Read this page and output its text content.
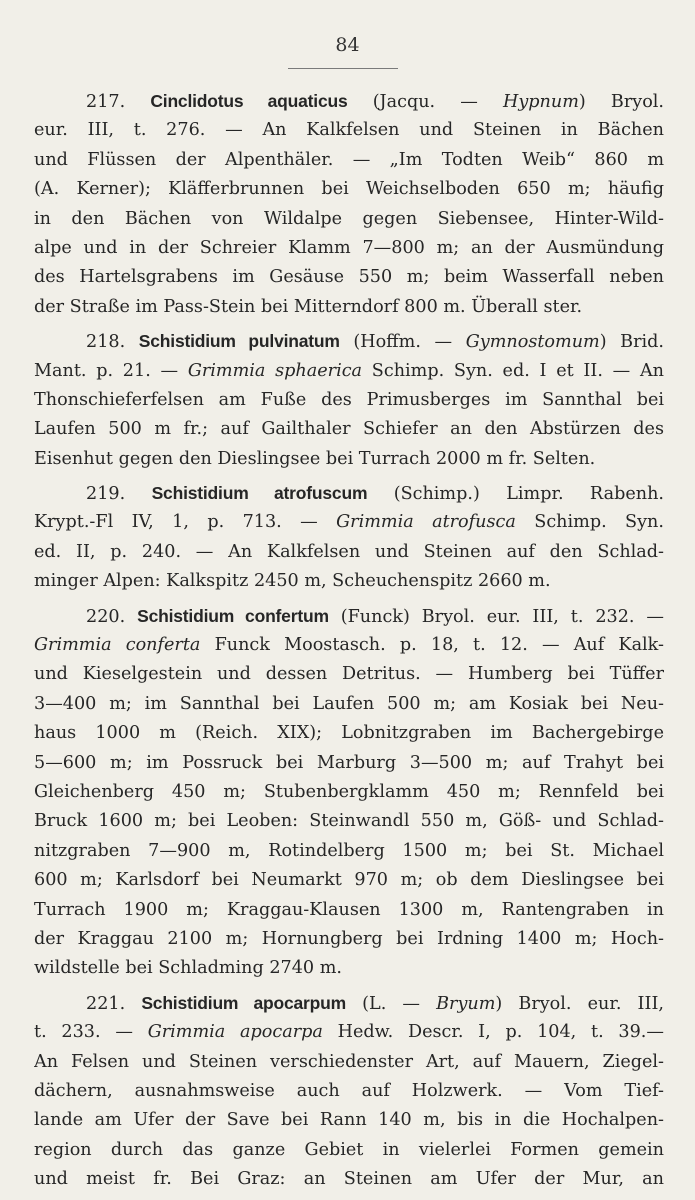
84
217. Cinclidotus aquaticus (Jacqu. — Hypnum) Bryol.
eur. III, t. 276. — An Kalkfelsen und Steinen in Bächen
und Flüssen der Alpenthäler. — „Im Todten Weib“ 860 m
(A. Kerner); Kläfferbrunnen bei Weichselboden 650 m; häufig
in den Bächen von Wildalpe gegen Siebensee, Hinter-Wild-
alpe und in der Schreier Klamm 7—800 m; an der Ausmündung
des Hartelsgrabens im Gesäuse 550 m; beim Wasserfall neben
der Straße im Pass-Stein bei Mitterndorf 800 m. Überall ster.
218. Schistidium pulvinatum (Hoffm. — Gymnostomum) Brid.
Mant. p. 21. — Grimmia sphaerica Schimp. Syn. ed. I et II. — An
Thonschieferfelsen am Fuße des Primusberges im Sannthal bei
Laufen 500 m fr.; auf Gailthaler Schiefer an den Abstürzen des
Eisenhut gegen den Dieslingsee bei Turrach 2000 m fr. Selten.
219. Schistidium atrofuscum (Schimp.) Limpr. Rabenh.
Krypt.-Fl IV, 1, p. 713. — Grimmia atrofusca Schimp. Syn.
ed. II, p. 240. — An Kalkfelsen und Steinen auf den Schlad-
minger Alpen: Kalkspitz 2450 m, Scheuchenspitz 2660 m.
220. Schistidium confertum (Funck) Bryol. eur. III, t. 232. —
Grimmia conferta Funck Moostasch. p. 18, t. 12. — Auf Kalk-
und Kieselgestein und dessen Detritus. — Humberg bei Tüffer
3—400 m; im Sannthal bei Laufen 500 m; am Kosiak bei Neu-
haus 1000 m (Reich. XIX); Lobnitzgraben im Bachergebirge
5—600 m; im Possruck bei Marburg 3—500 m; auf Trahyt bei
Gleichenberg 450 m; Stubenbergklamm 450 m; Rennfeld bei
Bruck 1600 m; bei Leoben: Steinwandl 550 m, Göß- und Schlad-
nitzgraben 7—900 m, Rotindelberg 1500 m; bei St. Michael
600 m; Karlsdorf bei Neumarkt 970 m; ob dem Dieslingsee bei
Turrach 1900 m; Kraggau-Klausen 1300 m, Rantengraben in
der Kraggau 2100 m; Hornungberg bei Irdning 1400 m; Hoch-
wildstelle bei Schladming 2740 m.
221. Schistidium apocarpum (L. — Bryum) Bryol. eur. III,
t. 233. — Grimmia apocarpa Hedw. Descr. I, p. 104, t. 39.—
An Felsen und Steinen verschiedenster Art, auf Mauern, Ziegel-
dächern, ausnahmsweise auch auf Holzwerk. — Vom Tief-
lande am Ufer der Save bei Rann 140 m, bis in die Hochalpen-
region durch das ganze Gebiet in vielerlei Formen gemein
und meist fr. Bei Graz: an Steinen am Ufer der Mur, an
